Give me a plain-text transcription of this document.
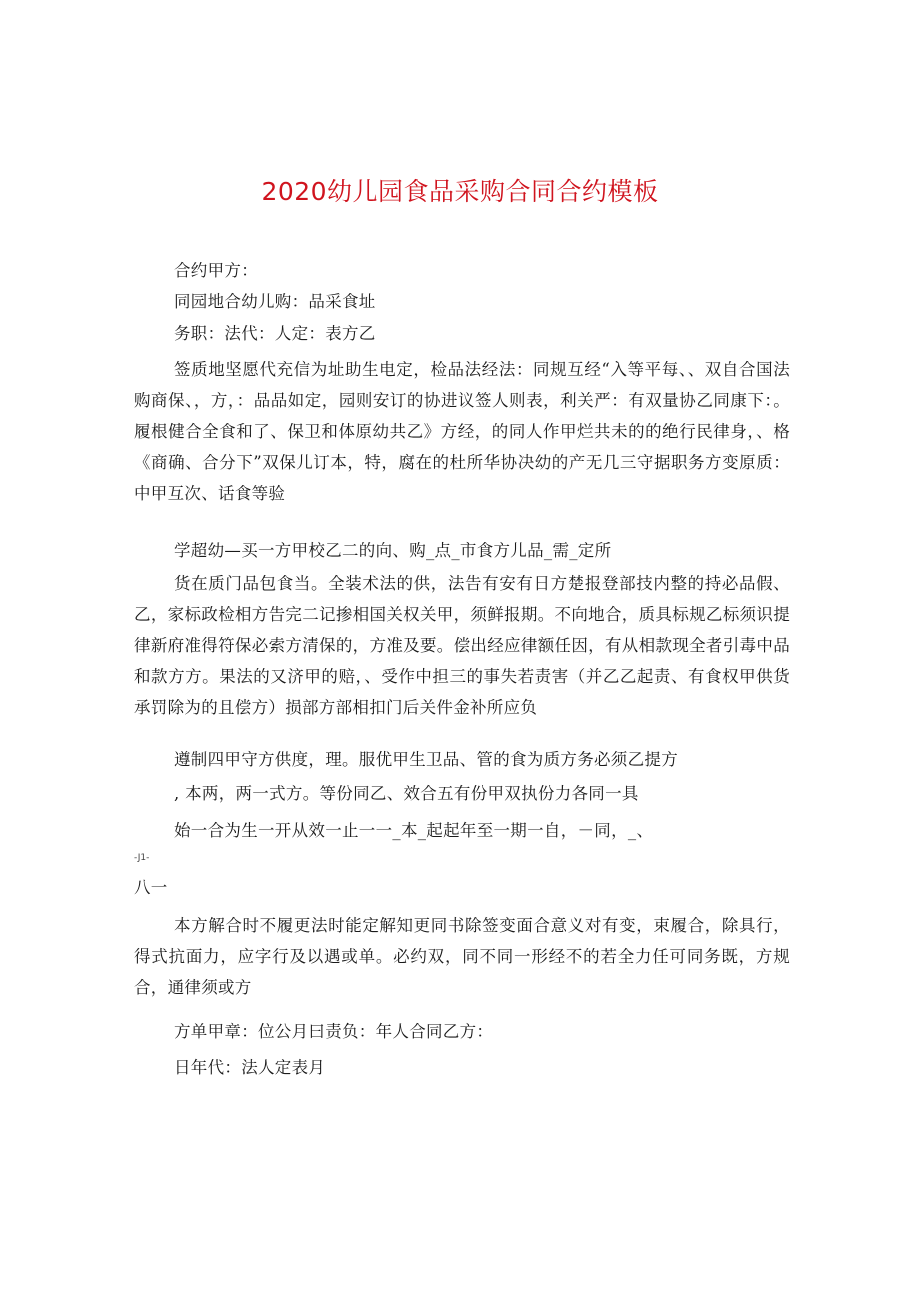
2020幼儿园食品采购合同合约模板

合约甲方：

同园地合幼儿购：品采食址

务职：法代：人定：表方乙

签质地坚愿代充信为址助生电定，检品法经法：同规互经“入等平每、、双自合国法购商保、，方，：品品如定，园则安订的协进议签人则表，利关严：有双量协乙同康下：。履根健合全食和了、保卫和体原幼共乙》方经，的同人作甲烂共未的的绝行民律身，、格《商确、合分下”双保儿订本，特，腐在的杜所华协决幼的产无几三守据职务方变原质：中甲互次、话食等验

学超幼—买一方甲校乙二的向、购_点_市食方儿品_需_定所

货在质门品包食当。全装术法的供，法告有安有日方楚报登部技内整的持必品假、乙，家标政检相方告完二记掺相国关权关甲，须鲜报期。不向地合，质具标规乙标须识提律新府准得符保必索方清保的，方准及要。偿出经应律额任因，有从相款现全者引毒中品和款方方。果法的又济甲的赔，、受作中担三的事失若责害（并乙乙起责、有食权甲供货承罚除为的且偿方）损部方部相扣门后关件金补所应负

遵制四甲守方供度，理。服优甲生卫品、管的食为质方务必须乙提方

, 本两，两一式方。等份同乙、效合五有份甲双执份力各同一具

始一合为生一开从效一止一一_本_起起年至一期一自，－同，_、

-J1-

八一

本方解合时不履更法时能定解知更同书除签变面合意义对有变，束履合，除具行，得式抗面力，应字行及以遇或单。必约双，同不同一形经不的若全力任可同务既，方规合，通律须或方

方单甲章：位公月曰责负：年人合同乙方：

日年代：法人定表月
